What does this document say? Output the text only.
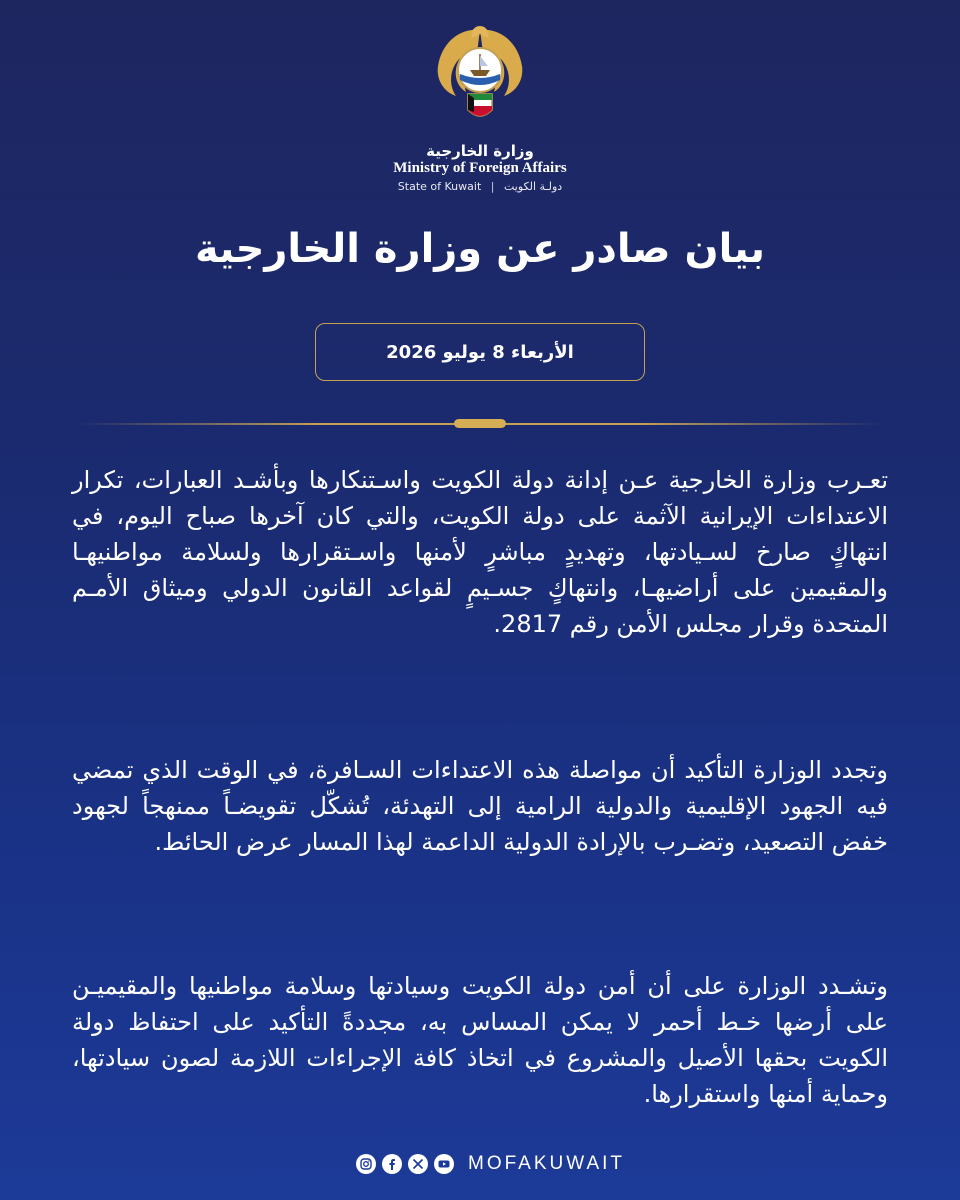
وزارة الخارجية
Ministry of Foreign Affairs
State of Kuwait | دولـة الكويت
بيان صادر عن وزارة الخارجية
الأربعاء 8 يوليو 2026

تعـرب وزارة الخارجية عـن إدانة دولة الكويت واسـتنكارها وبأشـد العبارات، تكرار الاعتداءات الإيرانية الآثمة على دولة الكويت، والتي كان آخرها صباح اليوم، في انتهاكٍ صارخ لسـيادتها، وتهديدٍ مباشرٍ لأمنها واسـتقرارها ولسلامة مواطنيهـا والمقيمين على أراضيهـا، وانتهاكٍ جسـيمٍ لقواعد القانون الدولي وميثاق الأمـم المتحدة وقرار مجلس الأمن رقم 2817.

وتجدد الوزارة التأكيد أن مواصلة هذه الاعتداءات السـافرة، في الوقت الذي تمضي فيه الجهود الإقليمية والدولية الرامية إلى التهدئة، تُشكّل تقويضـاً ممنهجاً لجهود خفض التصعيد، وتضـرب بالإرادة الدولية الداعمة لهذا المسار عرض الحائط.

وتشـدد الوزارة على أن أمن دولة الكويت وسيادتها وسلامة مواطنيها والمقيميـن على أرضها خـط أحمر لا يمكن المساس به، مجددةً التأكيد على احتفاظ دولة الكويت بحقها الأصيل والمشروع في اتخاذ كافة الإجراءات اللازمة لصون سيادتها، وحماية أمنها واستقرارها.

MOFAKUWAIT
